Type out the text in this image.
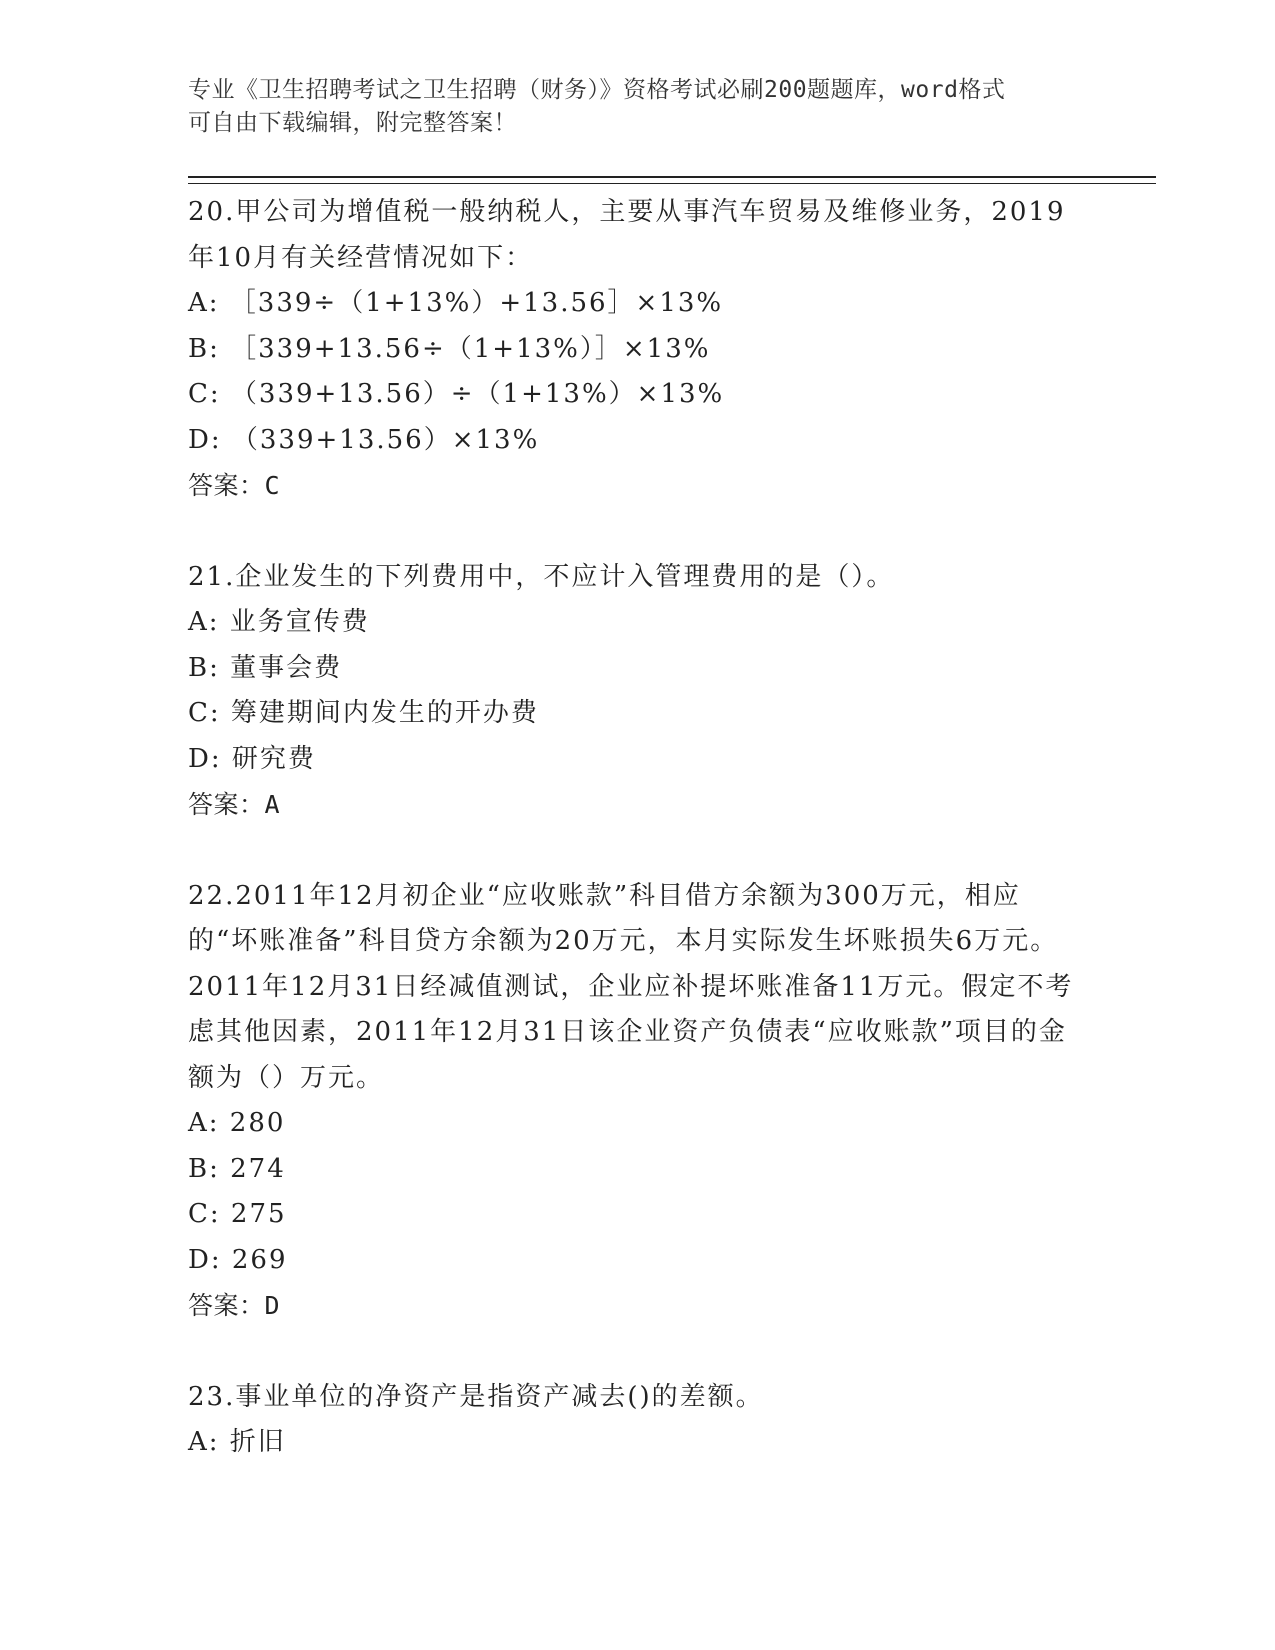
专业《卫生招聘考试之卫生招聘（财务）》资格考试必刷200题题库，word格式
可自由下载编辑，附完整答案！

20.甲公司为增值税一般纳税人，主要从事汽车贸易及维修业务，2019年10月有关经营情况如下：

A: ［339÷（1+13%）+13.56］×13%

B: ［339+13.56÷（1+13%）］×13%

C: （339+13.56）÷（1+13%）×13%

D: （339+13.56）×13%

答案：C

21.企业发生的下列费用中，不应计入管理费用的是（）。

A: 业务宣传费

B: 董事会费

C: 筹建期间内发生的开办费

D: 研究费

答案：A

22.2011年12月初企业“应收账款”科目借方余额为300万元，相应的“坏账准备”科目贷方余额为20万元，本月实际发生坏账损失6万元。2011年12月31日经减值测试，企业应补提坏账准备11万元。假定不考虑其他因素，2011年12月31日该企业资产负债表“应收账款”项目的金额为（）万元。

A: 280

B: 274

C: 275

D: 269

答案：D

23.事业单位的净资产是指资产减去()的差额。

A: 折旧
